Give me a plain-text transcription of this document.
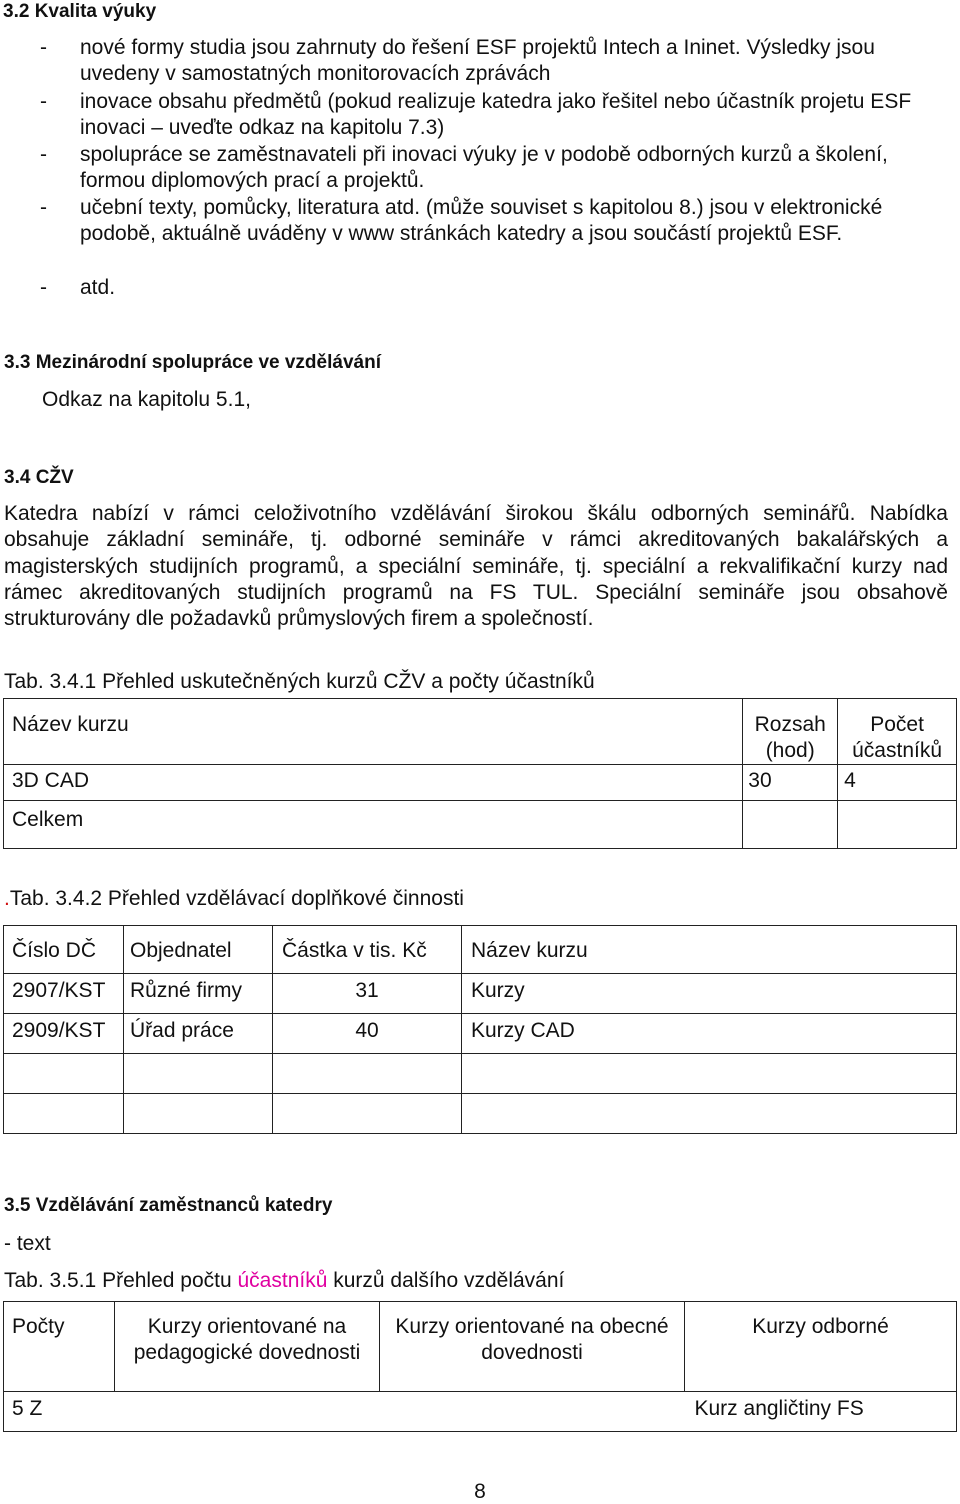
3.2 Kvalita výuky
- nové formy studia jsou zahrnuty do řešení ESF projektů Intech a Ininet. Výsledky jsou uvedeny v samostatných monitorovacích zprávách
- inovace obsahu předmětů (pokud realizuje katedra jako řešitel nebo účastník projetu ESF inovaci – uveďte odkaz na kapitolu 7.3)
- spolupráce se zaměstnavateli při inovaci výuky je v podobě odborných kurzů a školení, formou diplomových prací a projektů.
- učební texty, pomůcky, literatura atd. (může souviset s kapitolou 8.) jsou v elektronické podobě, aktuálně uváděny v www stránkách katedry a jsou součástí projektů ESF.
- atd.
3.3 Mezinárodní spolupráce ve vzdělávání
Odkaz na kapitolu 5.1,
3.4 CŽV
Katedra nabízí v rámci celoživotního vzdělávání širokou škálu odborných seminářů. Nabídka obsahuje základní semináře, tj. odborné semináře v rámci akreditovaných bakalářských a magisterských studijních programů, a speciální semináře, tj. speciální a rekvalifikační kurzy nad rámec akreditovaných studijních programů na FS TUL. Speciální semináře jsou obsahově strukturovány dle požadavků průmyslových firem a společností.
Tab. 3.4.1 Přehled uskutečněných kurzů CŽV a počty účastníků
Název kurzu	Rozsah (hod)	Počet účastníků
3D CAD	30	4
Celkem		
.Tab. 3.4.2 Přehled vzdělávací doplňkové činnosti
Číslo DČ	Objednatel	Částka v tis. Kč	Název kurzu
2907/KST	Různé firmy	31	Kurzy
2909/KST	Úřad práce	40	Kurzy CAD

3.5 Vzdělávání zaměstnanců katedry
- text
Tab. 3.5.1 Přehled počtu účastníků kurzů dalšího vzdělávání
Počty	Kurzy orientované na pedagogické dovednosti	Kurzy orientované na obecné dovednosti	Kurzy odborné
5 Z			Kurz angličtiny FS
8
